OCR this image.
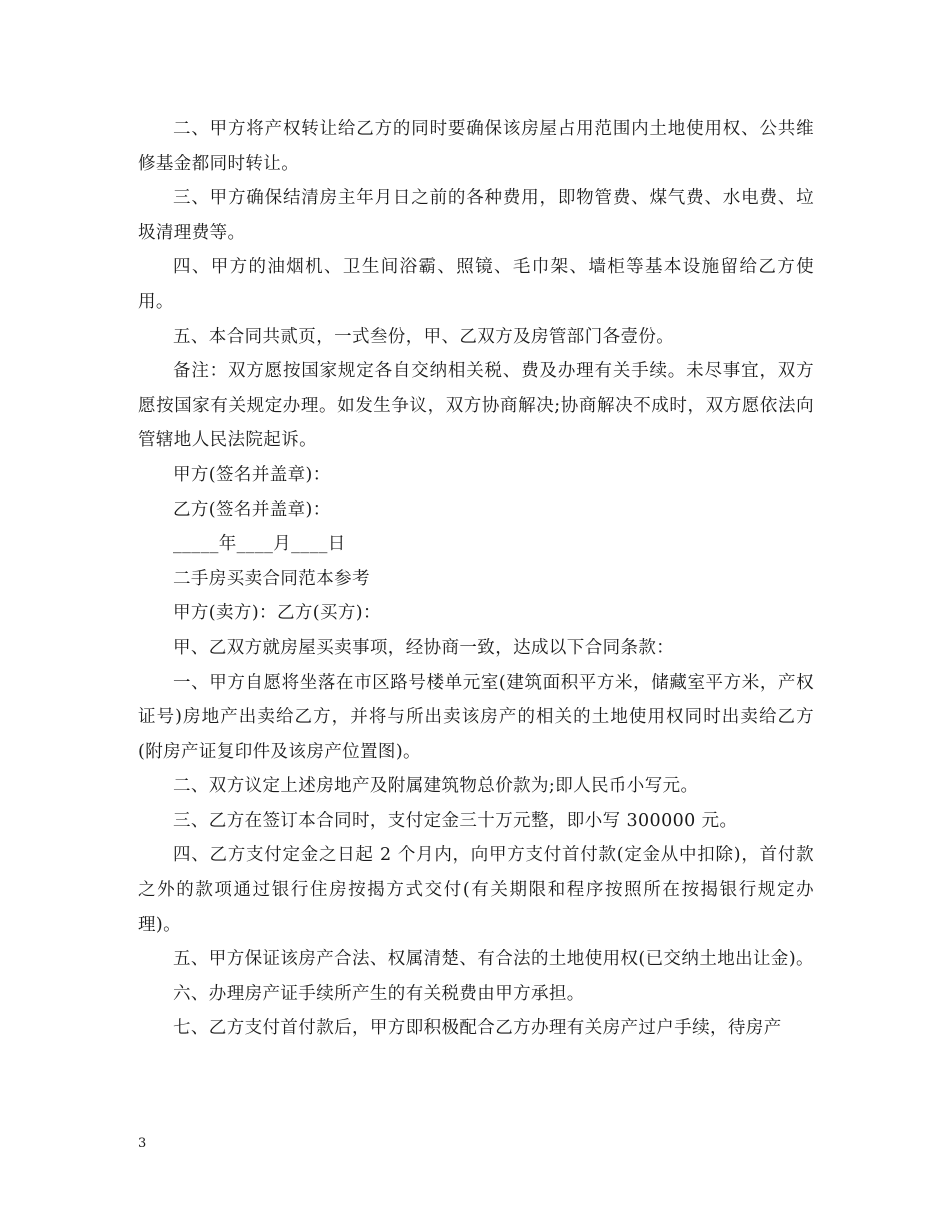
二、甲方将产权转让给乙方的同时要确保该房屋占用范围内土地使用权、公共维修基金都同时转让。

三、甲方确保结清房主年月日之前的各种费用，即物管费、煤气费、水电费、垃圾清理费等。

四、甲方的油烟机、卫生间浴霸、照镜、毛巾架、墙柜等基本设施留给乙方使用。

五、本合同共贰页，一式叁份，甲、乙双方及房管部门各壹份。

备注：双方愿按国家规定各自交纳相关税、费及办理有关手续。未尽事宜，双方愿按国家有关规定办理。如发生争议，双方协商解决;协商解决不成时，双方愿依法向管辖地人民法院起诉。

甲方(签名并盖章)：

乙方(签名并盖章)：

_____年____月____日

二手房买卖合同范本参考

甲方(卖方)：乙方(买方)：

甲、乙双方就房屋买卖事项，经协商一致，达成以下合同条款：

一、甲方自愿将坐落在市区路号楼单元室(建筑面积平方米，储藏室平方米，产权证号)房地产出卖给乙方，并将与所出卖该房产的相关的土地使用权同时出卖给乙方(附房产证复印件及该房产位置图)。

二、双方议定上述房地产及附属建筑物总价款为;即人民币小写元。

三、乙方在签订本合同时，支付定金三十万元整，即小写 300000 元。

四、乙方支付定金之日起 2 个月内，向甲方支付首付款(定金从中扣除)，首付款之外的款项通过银行住房按揭方式交付(有关期限和程序按照所在按揭银行规定办理)。

五、甲方保证该房产合法、权属清楚、有合法的土地使用权(已交纳土地出让金)。

六、办理房产证手续所产生的有关税费由甲方承担。

七、乙方支付首付款后，甲方即积极配合乙方办理有关房产过户手续，待房产

3
